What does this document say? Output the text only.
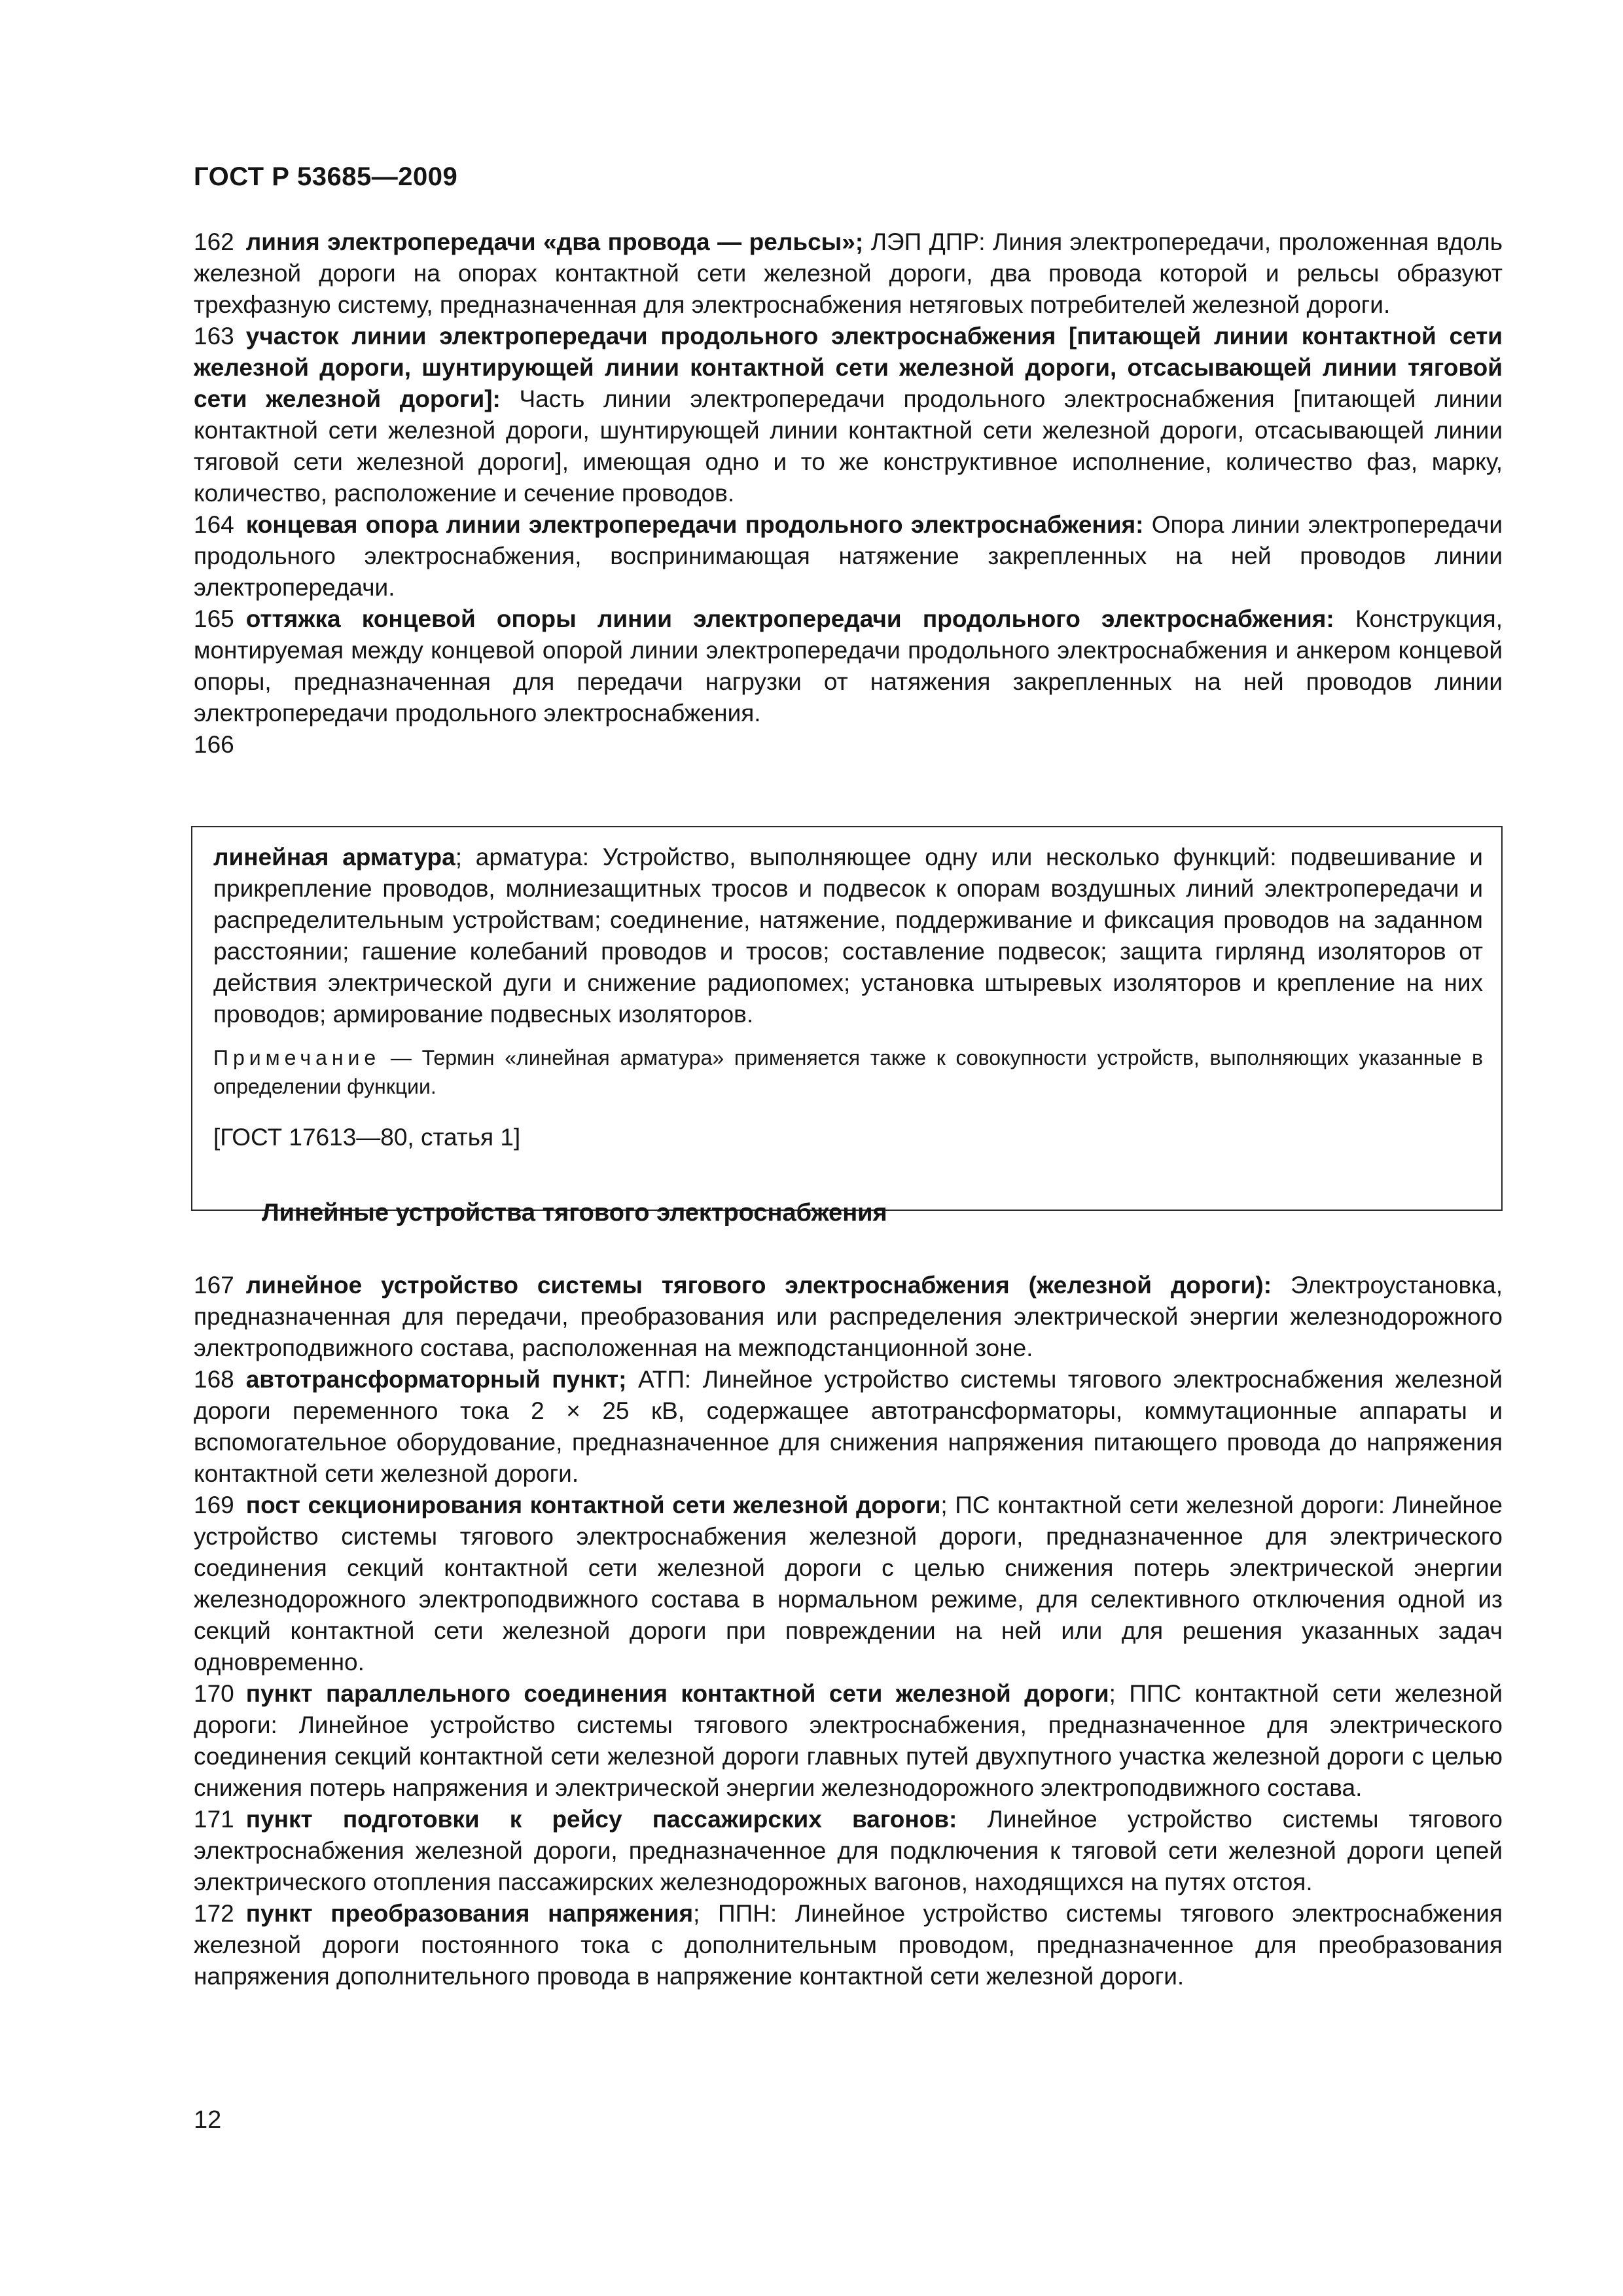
ГОСТ Р 53685—2009

162 линия электропередачи «два провода — рельсы»; ЛЭП ДПР: Линия электропередачи, проложенная вдоль железной дороги на опорах контактной сети железной дороги, два провода которой и рельсы образуют трехфазную систему, предназначенная для электроснабжения нетяговых потребителей железной дороги.

163 участок линии электропередачи продольного электроснабжения [питающей линии контактной сети железной дороги, шунтирующей линии контактной сети железной дороги, отсасывающей линии тяговой сети железной дороги]: Часть линии электропередачи продольного электроснабжения [питающей линии контактной сети железной дороги, шунтирующей линии контактной сети железной дороги, отсасывающей линии тяговой сети железной дороги], имеющая одно и то же конструктивное исполнение, количество фаз, марку, количество, расположение и сечение проводов.

164 концевая опора линии электропередачи продольного электроснабжения: Опора линии электропередачи продольного электроснабжения, воспринимающая натяжение закрепленных на ней проводов линии электропередачи.

165 оттяжка концевой опоры линии электропередачи продольного электроснабжения: Конструкция, монтируемая между концевой опорой линии электропередачи продольного электроснабжения и анкером концевой опоры, предназначенная для передачи нагрузки от натяжения закрепленных на ней проводов линии электропередачи продольного электроснабжения.

166

линейная арматура; арматура: Устройство, выполняющее одну или несколько функций: подвешивание и прикрепление проводов, молниезащитных тросов и подвесок к опорам воздушных линий электропередачи и распределительным устройствам; соединение, натяжение, поддерживание и фиксация проводов на заданном расстоянии; гашение колебаний проводов и тросов; составление подвесок; защита гирлянд изоляторов от действия электрической дуги и снижение радиопомех; установка штыревых изоляторов и крепление на них проводов; армирование подвесных изоляторов.
Примечание — Термин «линейная арматура» применяется также к совокупности устройств, выполняющих указанные в определении функции.
[ГОСТ 17613—80, статья 1]
Линейные устройства тягового электроснабжения

167 линейное устройство системы тягового электроснабжения (железной дороги): Электроустановка, предназначенная для передачи, преобразования или распределения электрической энергии железнодорожного электроподвижного состава, расположенная на межподстанционной зоне.

168 автотрансформаторный пункт; АТП: Линейное устройство системы тягового электроснабжения железной дороги переменного тока 2 × 25 кВ, содержащее автотрансформаторы, коммутационные аппараты и вспомогательное оборудование, предназначенное для снижения напряжения питающего провода до напряжения контактной сети железной дороги.

169 пост секционирования контактной сети железной дороги; ПС контактной сети железной дороги: Линейное устройство системы тягового электроснабжения железной дороги, предназначенное для электрического соединения секций контактной сети железной дороги с целью снижения потерь электрической энергии железнодорожного электроподвижного состава в нормальном режиме, для селективного отключения одной из секций контактной сети железной дороги при повреждении на ней или для решения указанных задач одновременно.

170 пункт параллельного соединения контактной сети железной дороги; ППС контактной сети железной дороги: Линейное устройство системы тягового электроснабжения, предназначенное для электрического соединения секций контактной сети железной дороги главных путей двухпутного участка железной дороги с целью снижения потерь напряжения и электрической энергии железнодорожного электроподвижного состава.

171 пункт подготовки к рейсу пассажирских вагонов: Линейное устройство системы тягового электроснабжения железной дороги, предназначенное для подключения к тяговой сети железной дороги цепей электрического отопления пассажирских железнодорожных вагонов, находящихся на путях отстоя.

172 пункт преобразования напряжения; ППН: Линейное устройство системы тягового электроснабжения железной дороги постоянного тока с дополнительным проводом, предназначенное для преобразования напряжения дополнительного провода в напряжение контактной сети железной дороги.

12
